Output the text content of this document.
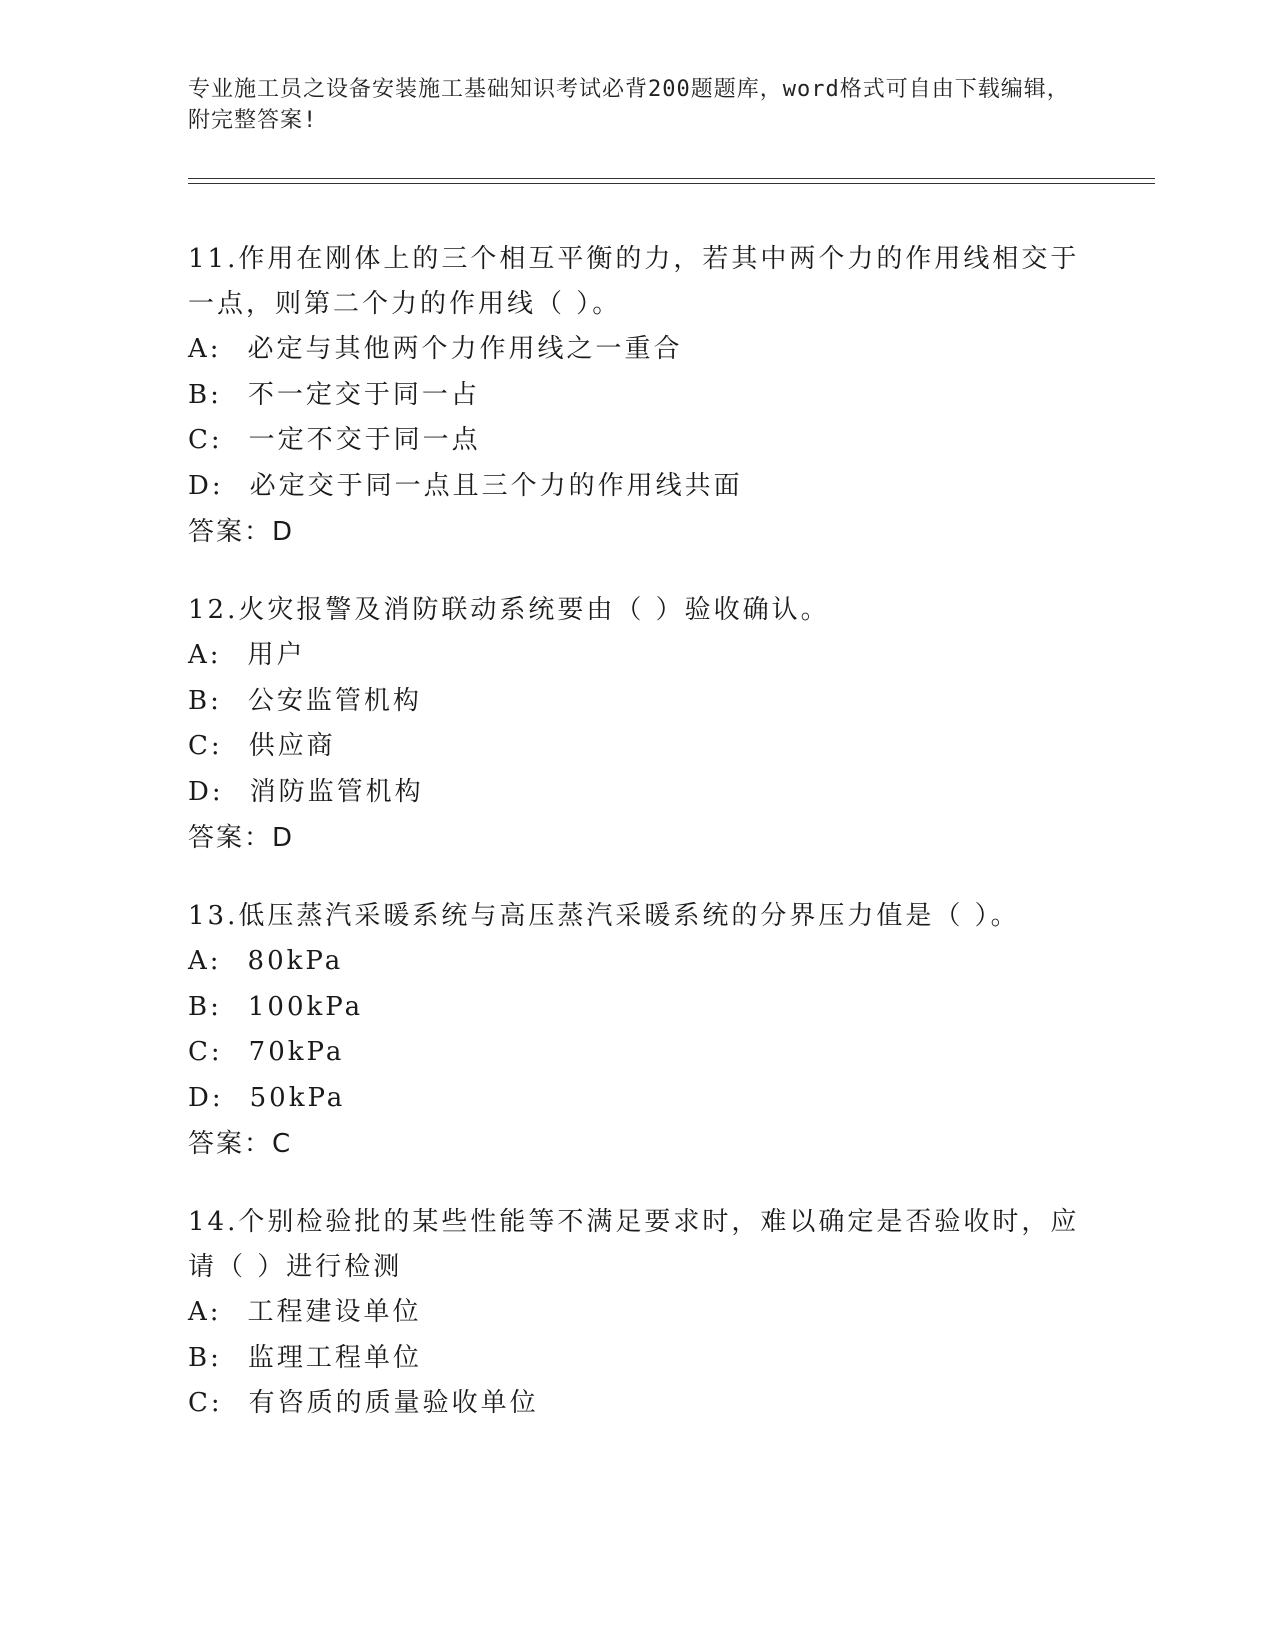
专业施工员之设备安装施工基础知识考试必背200题题库，word格式可自由下载编辑，附完整答案!

11.作用在刚体上的三个相互平衡的力，若其中两个力的作用线相交于一点，则第二个力的作用线（ ）。

A: 必定与其他两个力作用线之一重合

B: 不一定交于同一占

C: 一定不交于同一点

D: 必定交于同一点且三个力的作用线共面

答案：D

12.火灾报警及消防联动系统要由（ ）验收确认。

A: 用户

B: 公安监管机构

C: 供应商

D: 消防监管机构

答案：D

13.低压蒸汽采暖系统与高压蒸汽采暖系统的分界压力值是（ ）。

A: 80kPa

B: 100kPa

C: 70kPa

D: 50kPa

答案：C

14.个别检验批的某些性能等不满足要求时，难以确定是否验收时，应请（ ）进行检测

A: 工程建设单位

B: 监理工程单位

C: 有咨质的质量验收单位
